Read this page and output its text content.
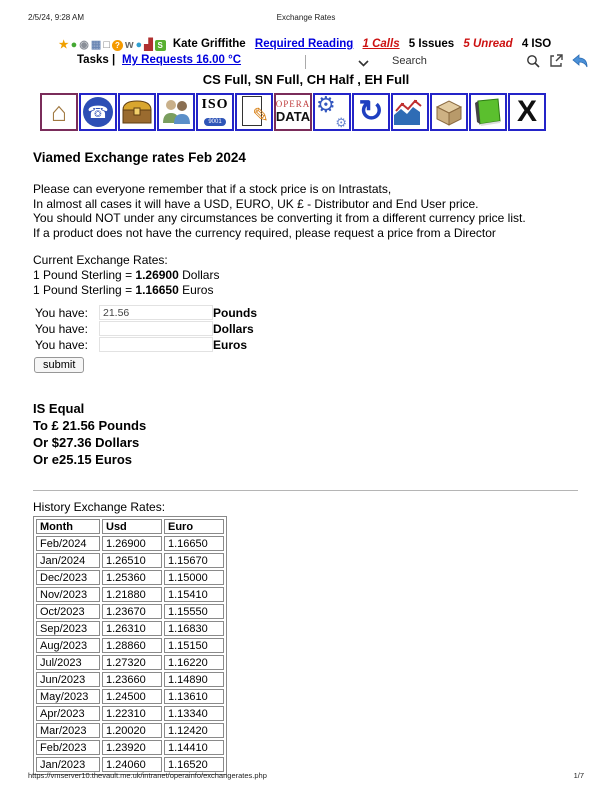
2/5/24, 9:28 AM	Exchange Rates
★ ● ◉ ▦ □ ? w ● ▟ S Kate Griffithe Required Reading 1 Calls 5 Issues 5 Unread 4 ISO
Tasks | My Requests 16.00 °C	Search
CS Full, SN Full, CH Half , EH Full
⌂ ☎	ISO
9001	✎
OPERA
DATA ⚙
⚙ ↻	X
Viamed Exchange rates Feb 2024
Please can everyone remember that if a stock price is on Intrastats,
In almost all cases it will have a USD, EURO, UK £ - Distributor and End User price.
You should NOT under any circumstances be converting it from a different currency price list.
If a product does not have the currency required, please request a price from a Director
Current Exchange Rates:
1 Pound Sterling = 1.26900 Dollars
1 Pound Sterling = 1.16650 Euros
You have:
21.56	Pounds
You have:	Dollars
You have:	Euros
submit
IS Equal
To £ 21.56 Pounds
Or $27.36 Dollars
Or e25.15 Euros
History Exchange Rates:
Month	Usd	Euro
Feb/2024	1.26900	1.16650
Jan/2024	1.26510	1.15670
Dec/2023	1.25360	1.15000
Nov/2023	1.21880	1.15410
Oct/2023	1.23670	1.15550
Sep/2023	1.26310	1.16830
Aug/2023	1.28860	1.15150
Jul/2023	1.27320	1.16220
Jun/2023	1.23660	1.14890
May/2023	1.24500	1.13610
Apr/2023	1.22310	1.13340
Mar/2023	1.20020	1.12420
Feb/2023	1.23920	1.14410
Jan/2023	1.24060	1.16520
https://vmserver10.thevault.me.uk/intranet/operainfo/exchangerates.php	1/7
